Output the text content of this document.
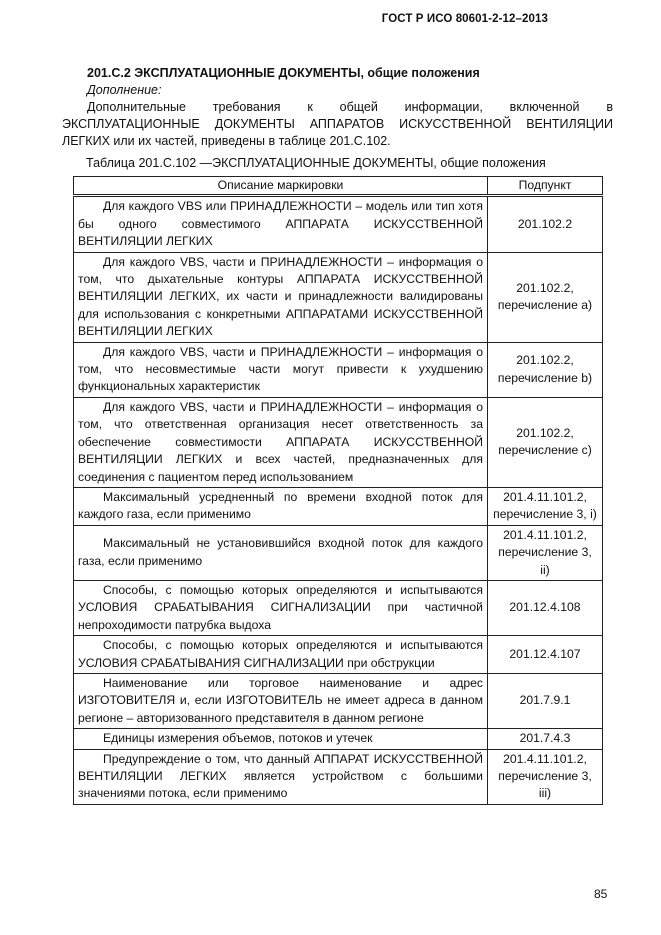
ГОСТ Р ИСО 80601-2-12–2013
201.C.2 ЭКСПЛУАТАЦИОННЫЕ ДОКУМЕНТЫ, общие положения
Дополнение:
Дополнительные требования к общей информации, включенной в ЭКСПЛУАТАЦИОННЫЕ ДОКУМЕНТЫ АППАРАТОВ ИСКУССТВЕННОЙ ВЕНТИЛЯЦИИ ЛЕГКИХ или их частей, приведены в таблице 201.C.102.
Таблица 201.C.102 —ЭКСПЛУАТАЦИОННЫЕ ДОКУМЕНТЫ, общие положения
Описание маркировки	Подпункт
Для каждого VBS или ПРИНАДЛЕЖНОСТИ – модель или тип хотя бы одного совместимого АППАРАТА ИСКУССТВЕННОЙ ВЕНТИЛЯЦИИ ЛЕГКИХ	201.102.2
Для каждого VBS, части и ПРИНАДЛЕЖНОСТИ – информация о том, что дыхательные контуры АППАРАТА ИСКУССТВЕННОЙ ВЕНТИЛЯЦИИ ЛЕГКИХ, их части и принадлежности валидированы для использования с конкретными АППАРАТАМИ ИСКУССТВЕННОЙ ВЕНТИЛЯЦИИ ЛЕГКИХ	201.102.2, перечисление a)
Для каждого VBS, части и ПРИНАДЛЕЖНОСТИ – информация о том, что несовместимые части могут привести к ухудшению функциональных характеристик	201.102.2, перечисление b)
Для каждого VBS, части и ПРИНАДЛЕЖНОСТИ – информация о том, что ответственная организация несет ответственность за обеспечение совместимости АППАРАТА ИСКУССТВЕННОЙ ВЕНТИЛЯЦИИ ЛЕГКИХ и всех частей, предназначенных для соединения с пациентом перед использованием	201.102.2, перечисление c)
Максимальный усредненный по времени входной поток для каждого газа, если применимо	201.4.11.101.2, перечисление 3, i)
Максимальный не установившийся входной поток для каждого газа, если применимо	201.4.11.101.2, перечисление 3, ii)
Способы, с помощью которых определяются и испытываются УСЛОВИЯ СРАБАТЫВАНИЯ СИГНАЛИЗАЦИИ при частичной непроходимости патрубка выдоха	201.12.4.108
Способы, с помощью которых определяются и испытываются УСЛОВИЯ СРАБАТЫВАНИЯ СИГНАЛИЗАЦИИ при обструкции	201.12.4.107
Наименование или торговое наименование и адрес ИЗГОТОВИТЕЛЯ и, если ИЗГОТОВИТЕЛЬ не имеет адреса в данном регионе – авторизованного представителя в данном регионе	201.7.9.1
Единицы измерения объемов, потоков и утечек	201.7.4.3
Предупреждение о том, что данный АППАРАТ ИСКУССТВЕННОЙ ВЕНТИЛЯЦИИ ЛЕГКИХ является устройством с большими значениями потока, если применимо	201.4.11.101.2, перечисление 3, iii)
85
